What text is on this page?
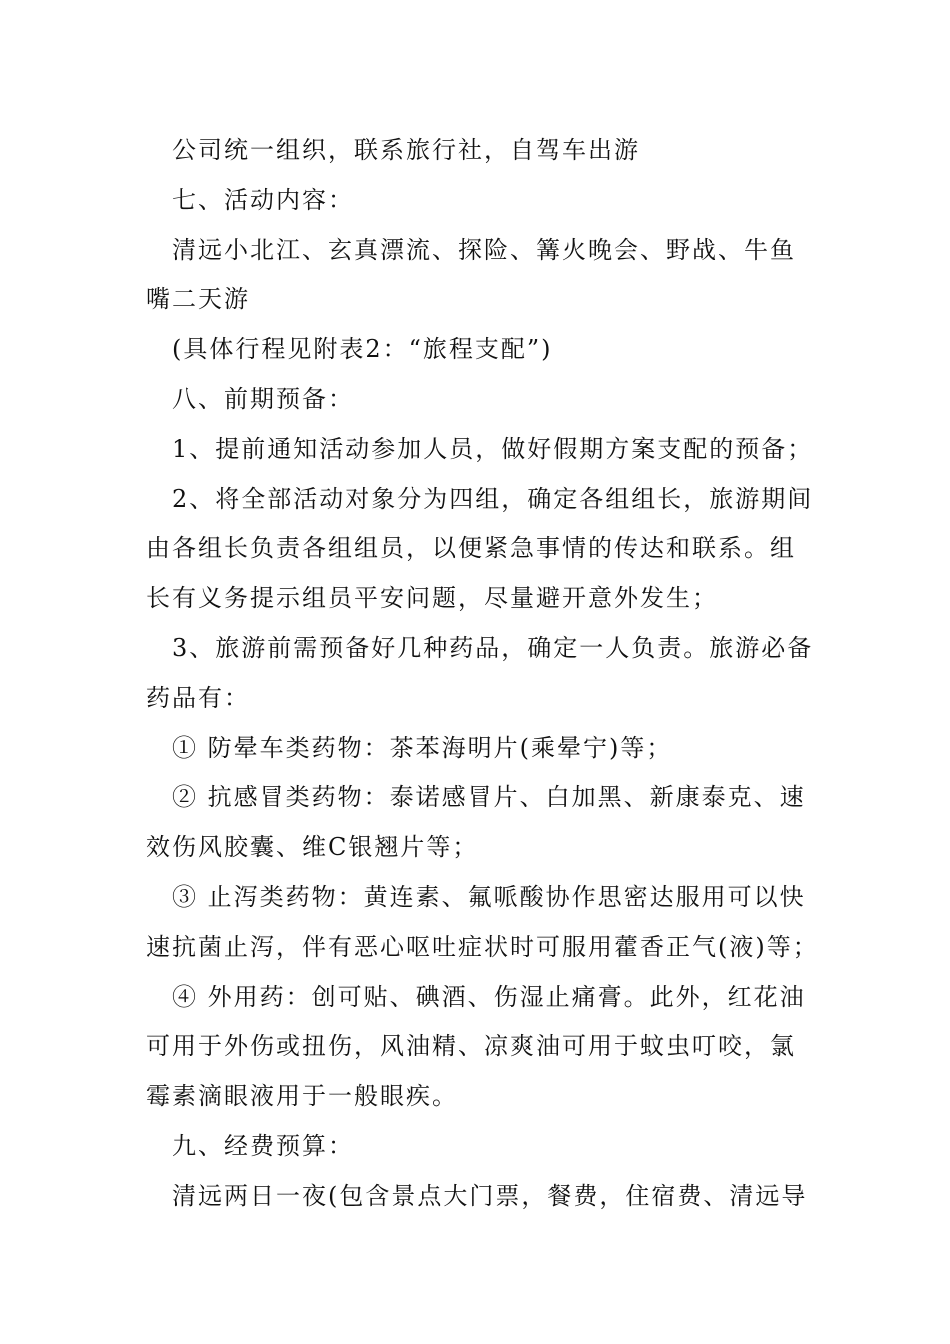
公司统一组织，联系旅行社，自驾车出游
七、活动内容：
清远小北江、玄真漂流、探险、篝火晚会、野战、牛鱼
嘴二天游
(具体行程见附表2：“旅程支配”)
八、前期预备：
1、提前通知活动参加人员，做好假期方案支配的预备；
2、将全部活动对象分为四组，确定各组组长，旅游期间
由各组长负责各组组员，以便紧急事情的传达和联系。组
长有义务提示组员平安问题，尽量避开意外发生；
3、旅游前需预备好几种药品，确定一人负责。旅游必备
药品有：
① 防晕车类药物：茶苯海明片(乘晕宁)等；
② 抗感冒类药物：泰诺感冒片、白加黑、新康泰克、速
效伤风胶囊、维C银翘片等；
③ 止泻类药物：黄连素、氟哌酸协作思密达服用可以快
速抗菌止泻，伴有恶心呕吐症状时可服用藿香正气(液)等；
④ 外用药：创可贴、碘酒、伤湿止痛膏。此外，红花油
可用于外伤或扭伤，风油精、凉爽油可用于蚊虫叮咬，氯
霉素滴眼液用于一般眼疾。
九、经费预算：
清远两日一夜(包含景点大门票，餐费，住宿费、清远导
